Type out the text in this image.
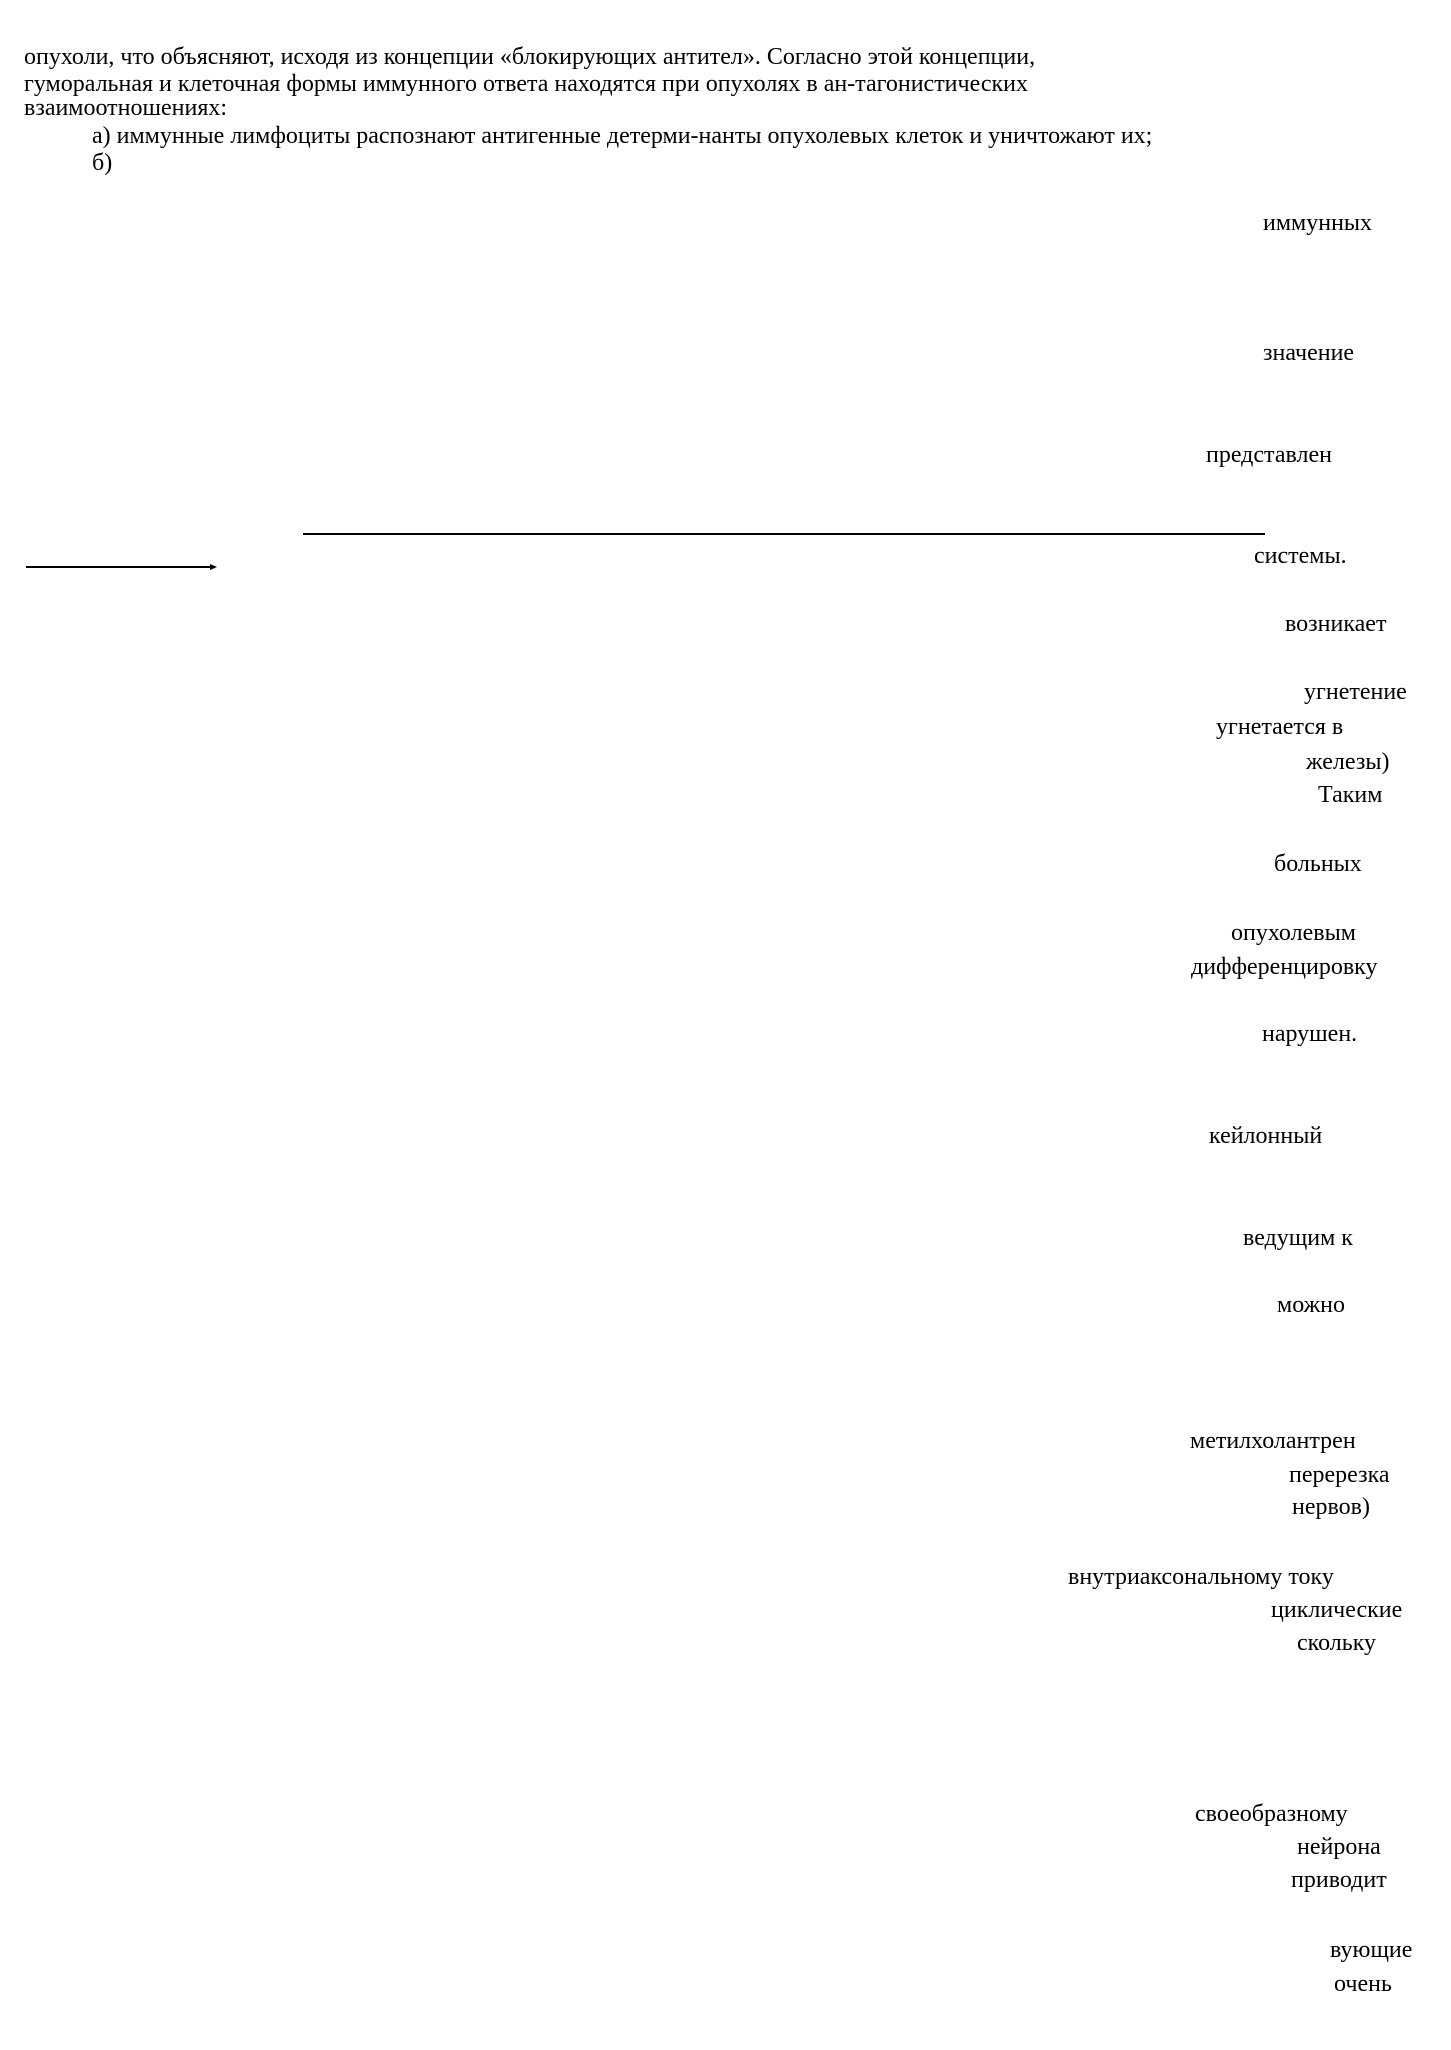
опухоли, что объясняют, исходя из концепции «блокирующих антител». Согласно этой концепции,
гуморальная и клеточная формы иммунного ответа находятся при опухолях в ан-тагонистических
взаимоотношениях:
а) иммунные лимфоциты распознают антигенные детерми-нанты опухолевых клеток и уничтожают их;
б)
иммунных
значение
представлен
системы.
возникает
угнетение
угнетается в
железы)
Таким
больных
опухолевым
дифференцировку
нарушен.
кейлонный
ведущим к
можно
метилхолантрен
перерезка
нервов)
внутриаксональному току
циклические
скольку
своеобразному
нейрона
приводит
вующие
очень
